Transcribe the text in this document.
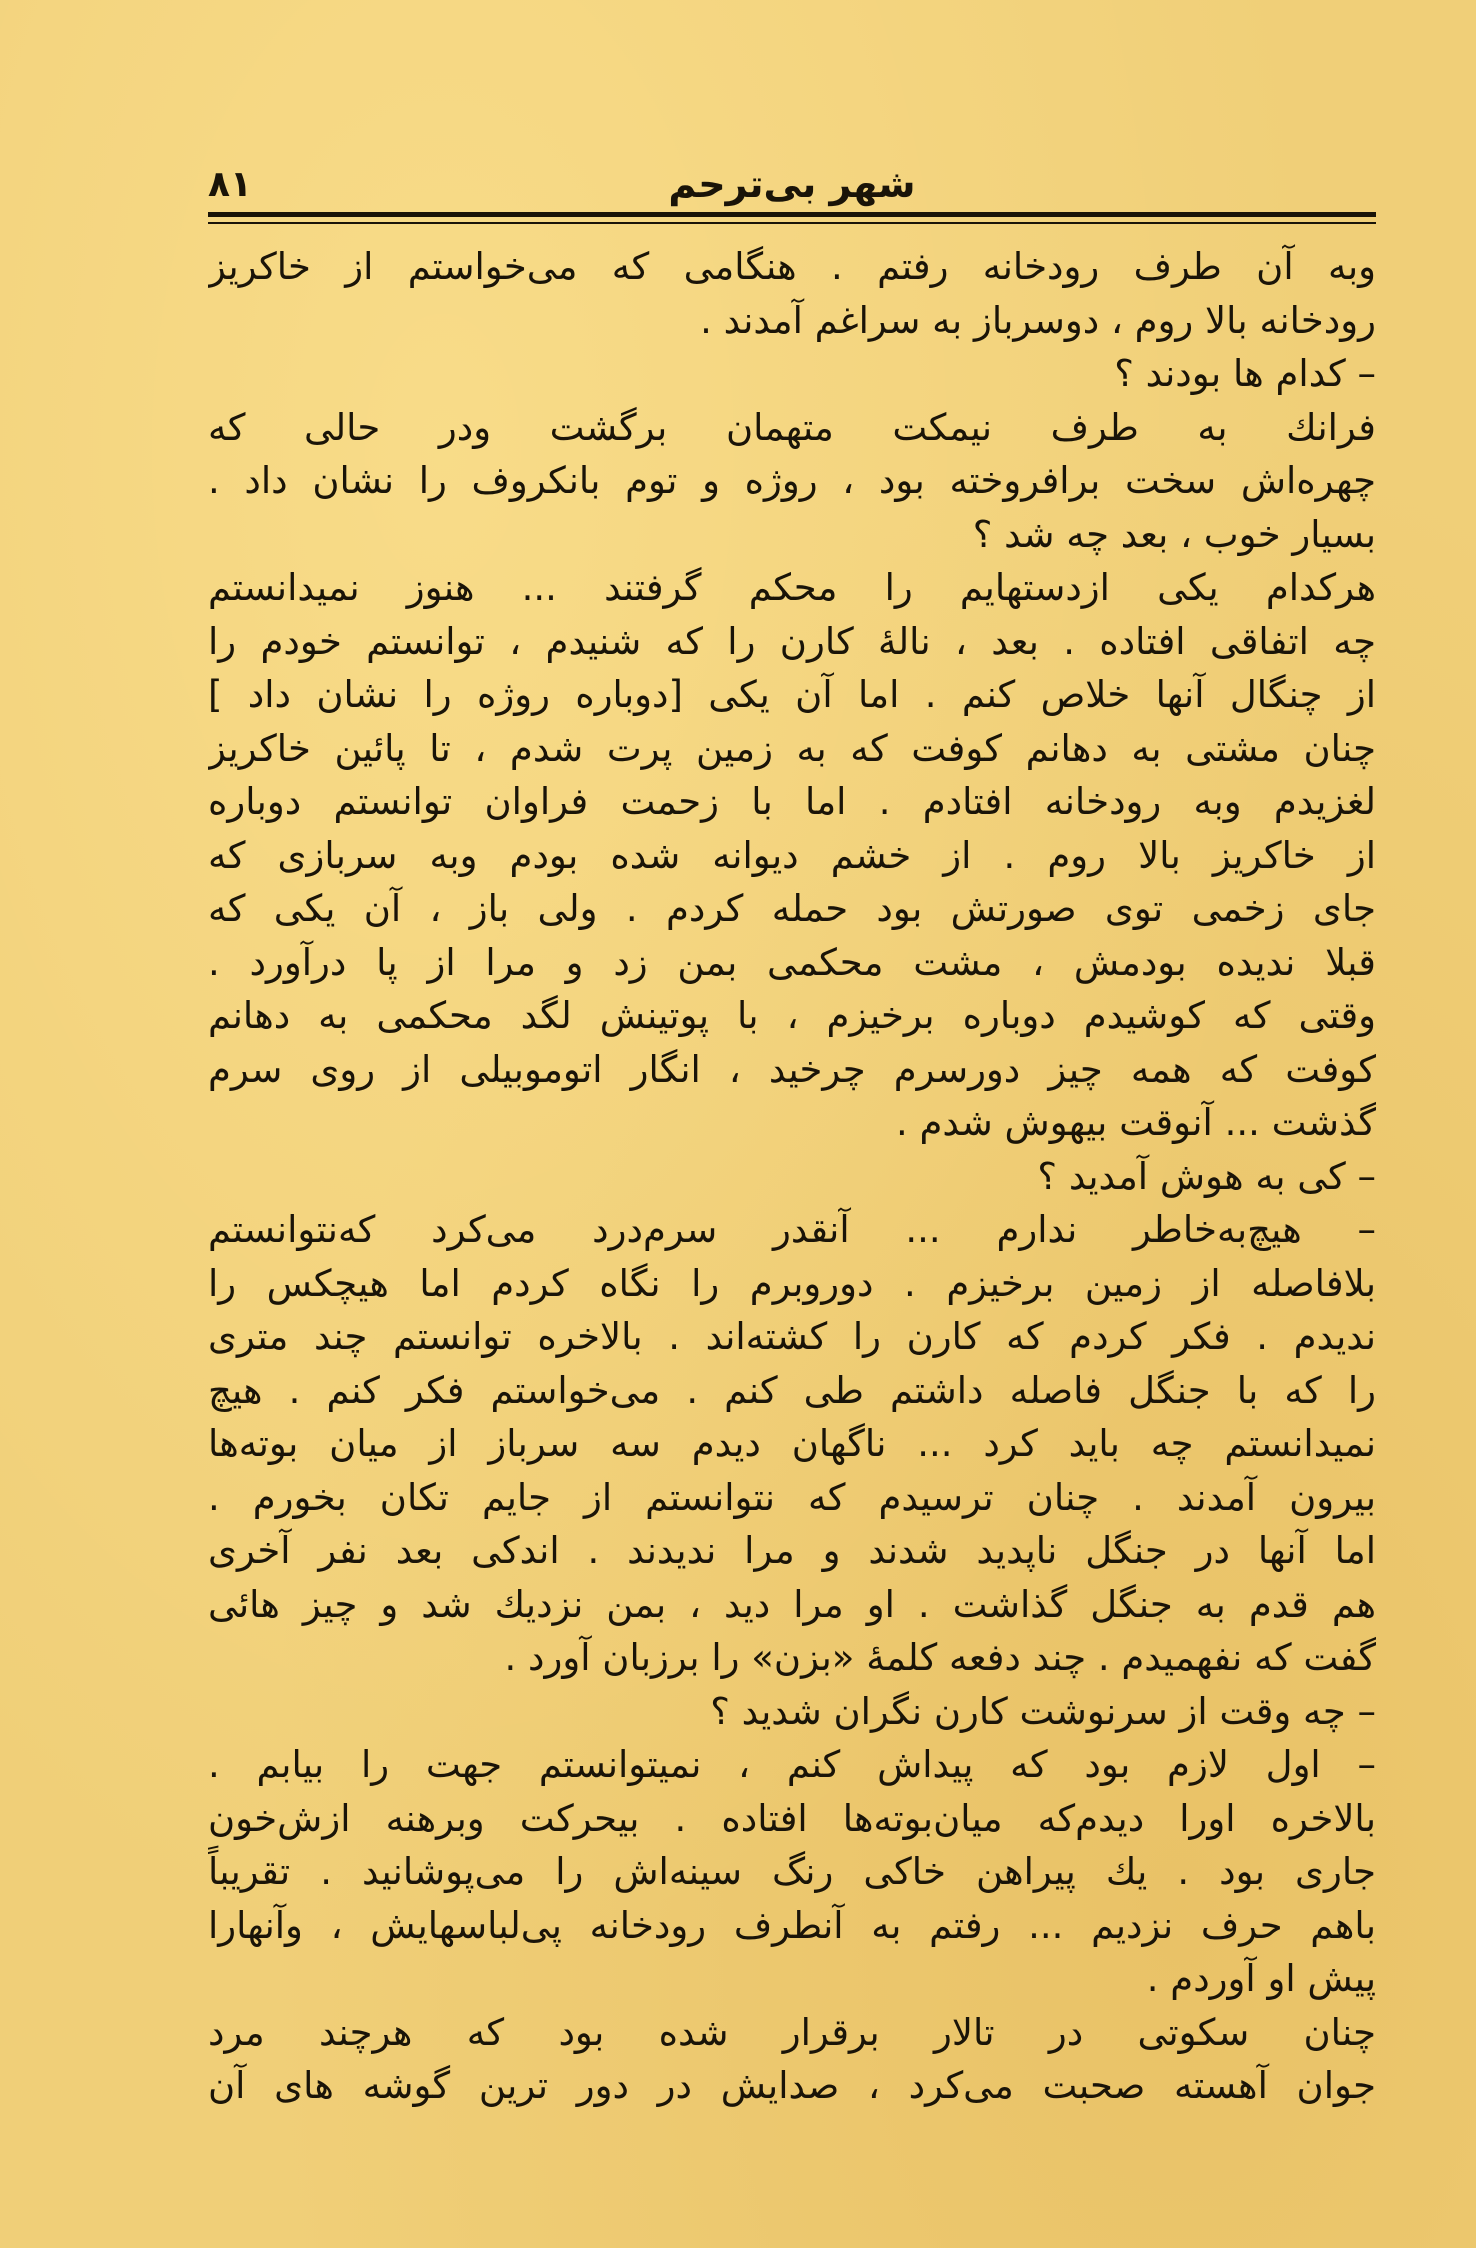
۸۱	شهر بی‌ترحم
وبه آن طرف رودخانه رفتم . هنگامی که می‌خواستم از خاکریز
رودخانه بالا روم ، دوسرباز به سراغم آمدند .
– کدام ها بودند ؟
فرانك به طرف نیمکت متهمان برگشت ودر حالی که
چهره‌اش سخت برافروخته بود ، روژه و توم بانکروف را نشان داد .
بسیار خوب ، بعد چه شد ؟
هرکدام یکی ازدستهایم را محکم گرفتند ... هنوز نمیدانستم
چه اتفاقی افتاده . بعد ، نالهٔ کارن را که شنیدم ، توانستم خودم را
از چنگال آنها خلاص کنم . اما آن یکی [دوباره روژه را نشان داد ]
چنان مشتی به دهانم کوفت که به زمین پرت شدم ، تا پائین خاکریز
لغزیدم وبه رودخانه افتادم . اما با زحمت فراوان توانستم دوباره
از خاکریز بالا روم . از خشم دیوانه شده بودم وبه سربازی که
جای زخمی توی صورتش بود حمله کردم . ولی باز ، آن یکی که
قبلا ندیده بودمش ، مشت محکمی بمن زد و مرا از پا درآورد .
وقتی که کوشیدم دوباره برخیزم ، با پوتینش لگد محکمی به دهانم
کوفت که همه چیز دورسرم چرخید ، انگار اتوموبیلی از روی سرم
گذشت ... آنوقت بیهوش شدم .
– کی به هوش آمدید ؟
– هیچ‌به‌خاطر ندارم ... آنقدر سرم‌درد می‌کرد که‌نتوانستم
بلافاصله از زمین برخیزم . دوروبرم را نگاه کردم اما هیچکس را
ندیدم . فکر کردم که کارن را کشته‌اند . بالاخره توانستم چند متری
را که با جنگل فاصله داشتم طی کنم . می‌خواستم فکر کنم . هیچ
نمیدانستم چه باید کرد ... ناگهان دیدم سه سرباز از میان بوته‌ها
بیرون آمدند . چنان ترسیدم که نتوانستم از جایم تکان بخورم .
اما آنها در جنگل ناپدید شدند و مرا ندیدند . اندکی بعد نفر آخری
هم قدم به جنگل گذاشت . او مرا دید ، بمن نزدیك شد و چیز هائی
گفت که نفهمیدم . چند دفعه کلمهٔ «بزن» را برزبان آورد .
– چه وقت از سرنوشت کارن نگران شدید ؟
– اول لازم بود که پیداش کنم ، نمیتوانستم جهت را بیابم .
بالاخره اورا دیدم‌که میان‌بوته‌ها افتاده . بیحرکت وبرهنه ازش‌خون
جاری بود . یك پیراهن خاکی رنگ سینه‌اش را می‌پوشانید . تقریباً
باهم حرف نزدیم ... رفتم به آنطرف رودخانه پی‌لباسهایش ، وآنهارا
پیش او آوردم .
چنان سکوتی در تالار برقرار شده بود که هرچند مرد
جوان آهسته صحبت می‌کرد ، صدایش در دور ترین گوشه های آن
